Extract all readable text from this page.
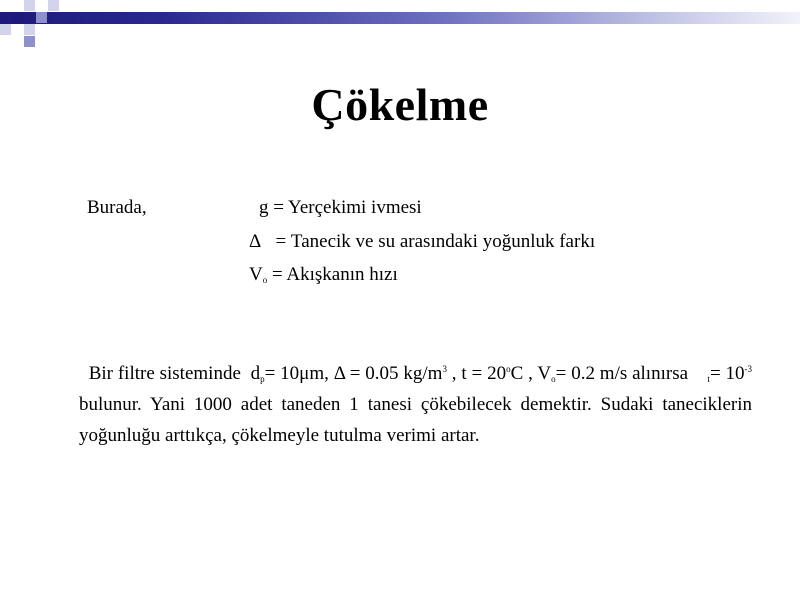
Çökelme
Burada,	g = Yerçekimi ivmesi
Δ = Tanecik ve su arasındaki yoğunluk farkı
$V_o$ = Akışkanın hızı
Bir filtre sisteminde  $d_p= 10\mu m$, Δ = 0.05 $kg/m^3$ , $t = 20^oC$ , $V_o= 0.2$ m/s alınırsa    $_t= 10^{-3}$ bulunur. Yani 1000 adet taneden 1 tanesi çökebilecek demektir. Sudaki taneciklerin yoğunluğu arttıkça, çökelmeyle tutulma verimi artar.
